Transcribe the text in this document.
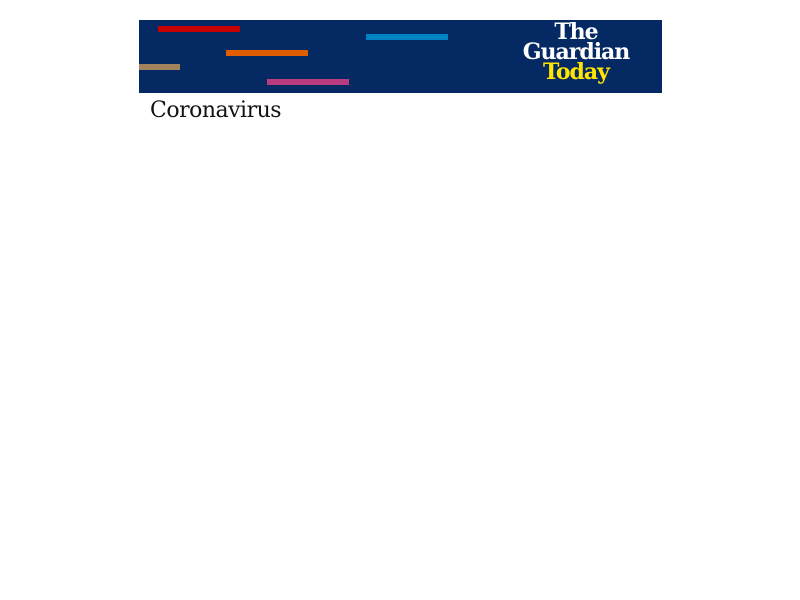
The
Guardian
Today
Coronavirus
